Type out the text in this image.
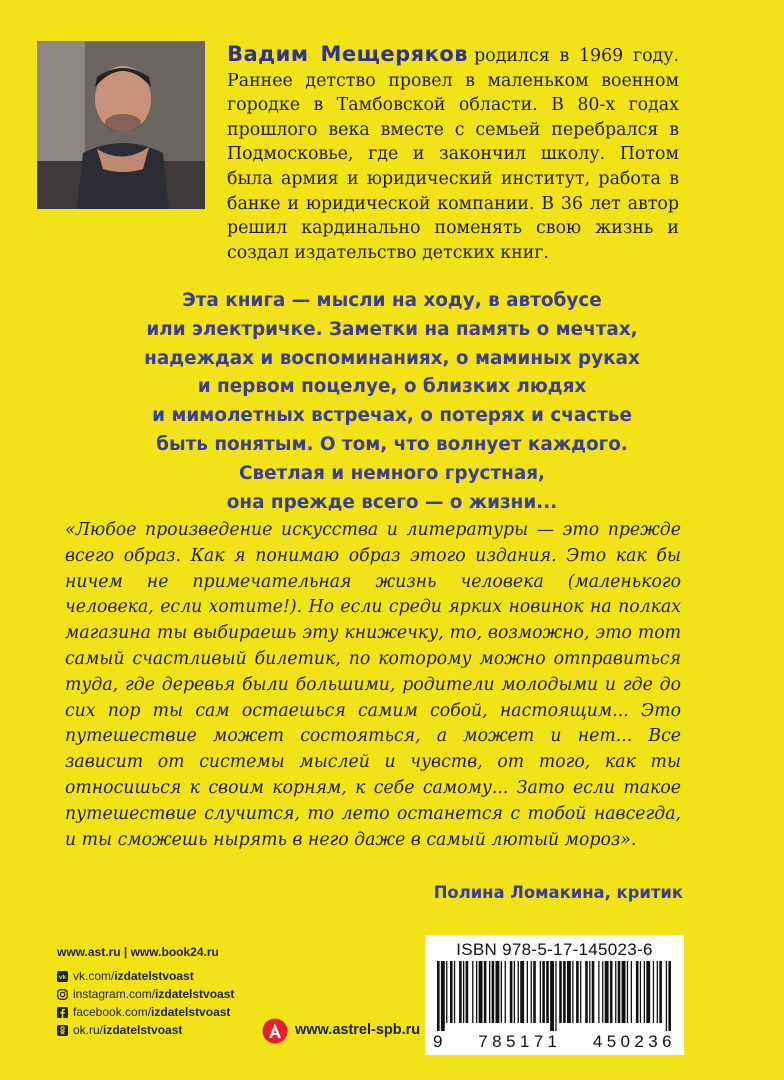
Вадим Мещеряков родился в 1969 году. Раннее детство провел в маленьком военном городке в Тамбовской области. В 80-х годах прошлого века вместе с семьей перебрался в Подмосковье, где и закончил школу. Потом была армия и юридический институт, работа в банке и юридической компании. В 36 лет автор решил кардинально поменять свою жизнь и создал издательство детских книг.
Эта книга — мысли на ходу, в автобусе
или электричке. Заметки на память о мечтах,
надеждах и воспоминаниях, о маминых руках
и первом поцелуе, о близких людях
и мимолетных встречах, о потерях и счастье
быть понятым. О том, что волнует каждого.
Светлая и немного грустная,
она прежде всего — о жизни...
«Любое произведение искусства и литературы — это прежде всего образ. Как я понимаю образ этого издания. Это как бы ничем не примечательная жизнь человека (маленького человека, если хотите!). Но если среди ярких новинок на полках магазина ты выбираешь эту книжечку, то, возможно, это тот самый счастливый билетик, по которому можно отправиться туда, где деревья были большими, родители молодыми и где до сих пор ты сам остаешься самим собой, настоящим... Это путешествие может состояться, а может и нет... Все зависит от системы мыслей и чувств, от того, как ты относишься к своим корням, к себе самому... Зато если такое путешествие случится, то лето останется с тобой навсегда, и ты сможешь нырять в него даже в самый лютый мороз».
Полина Ломакина, критик
www.ast.ru | www.book24.ru
vk vk.com/ izdatelstvoast
instagram.com/ izdatelstvoast
facebook.com/ izdatelstvoast
ok.ru/ izdatelstvoast	www.astrel-spb.ru
ISBN 978-5-17-145023-6
9 785171 450236
